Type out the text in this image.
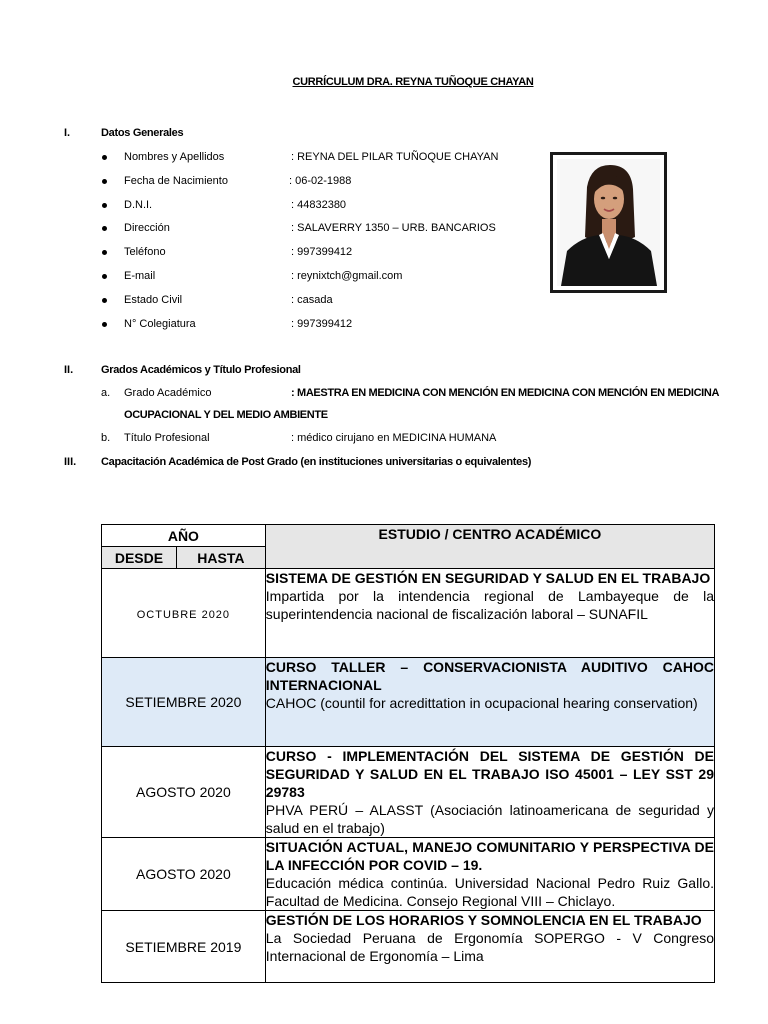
CURRÍCULUM DRA. REYNA TUÑOQUE CHAYAN
I.	Datos Generales
Nombres y Apellidos	: REYNA DEL PILAR TUÑOQUE CHAYAN
Fecha de Nacimiento	: 06-02-1988
D.N.I.	: 44832380
Dirección	: SALAVERRY 1350 – URB. BANCARIOS
Teléfono	: 997399412
E-mail	: reynixtch@gmail.com
Estado Civil	: casada
N° Colegiatura	: 997399412
II.	Grados Académicos y Título Profesional
a. Grado Académico	: MAESTRA EN MEDICINA CON MENCIÓN EN MEDICINA CON MENCIÓN EN MEDICINA
OCUPACIONAL Y DEL MEDIO AMBIENTE
b. Título Profesional	: médico cirujano en MEDICINA HUMANA
III. Capacitación Académica de Post Grado (en instituciones universitarias o equivalentes)
AÑO		ESTUDIO / CENTRO ACADÉMICO
DESDE	HASTA	
OCTUBRE 2020		SISTEMA DE GESTIÓN EN SEGURIDAD Y SALUD EN EL TRABAJO
Impartida por la intendencia regional de Lambayeque de la superintendencia nacional de fiscalización laboral – SUNAFIL

SETIEMBRE 2020		CURSO TALLER – CONSERVACIONISTA AUDITIVO CAHOC INTERNACIONAL
CAHOC (countil for acredittation in ocupacional hearing conservation)

AGOSTO 2020		CURSO - IMPLEMENTACIÓN DEL SISTEMA DE GESTIÓN DE SEGURIDAD Y SALUD EN EL TRABAJO ISO 45001 – LEY SST 29 29783
PHVA PERÚ – ALASST (Asociación latinoamericana de seguridad y salud en el trabajo)

AGOSTO 2020		SITUACIÓN ACTUAL, MANEJO COMUNITARIO Y PERSPECTIVA DE LA INFECCIÓN POR COVID – 19.
Educación médica continúa. Universidad Nacional Pedro Ruiz Gallo. Facultad de Medicina. Consejo Regional VIII – Chiclayo.

SETIEMBRE 2019		GESTIÓN DE LOS HORARIOS Y SOMNOLENCIA EN EL TRABAJO
La Sociedad Peruana de Ergonomía SOPERGO - V Congreso Internacional de Ergonomía – Lima
